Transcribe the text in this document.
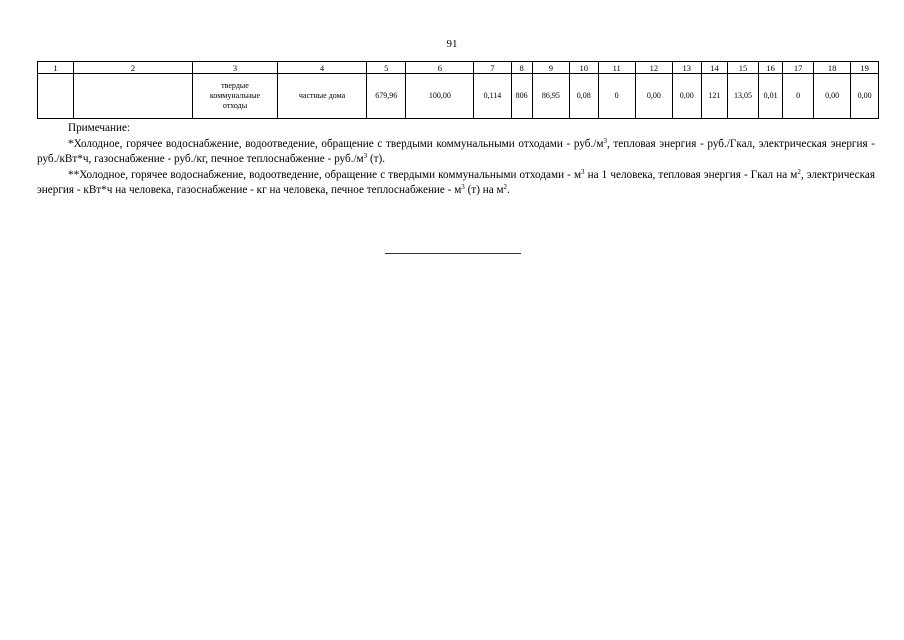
91
1	2	3	4	5	6	7	8	9	10	11	12	13	14	15	16	17	18	19

		твердые
коммунальные
отходы	частные дома	679,96	100,00	0,114	806	86,95	0,08	0	0,00	0,00	121	13,05	0,01	0	0,00	0,00

Примечание:

*Холодное, горячее водоснабжение, водоотведение, обращение с твердыми коммунальными отходами - $руб./м^3$, тепловая энергия - руб./Гкал, электрическая энергия - руб./кВт*ч, газоснабжение - руб./кг, печное теплоснабжение - $руб./м^3$ (т).

**Холодное, горячее водоснабжение, водоотведение, обращение с твердыми коммунальными отходами - $м^3$ на 1 человека, тепловая энергия - Гкал на $м^2$, электрическая энергия - кВт*ч на человека, газоснабжение - кг на человека, печное теплоснабжение - $м^3$ (т) на $м^2$.
